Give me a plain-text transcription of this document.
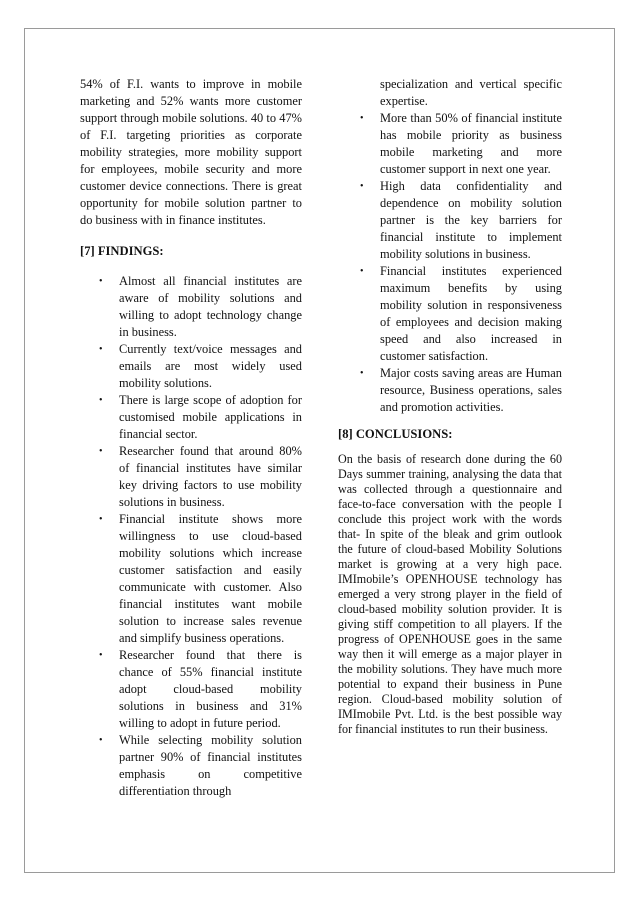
54% of F.I. wants to improve in mobile marketing and 52% wants more customer support through mobile solutions. 40 to 47% of F.I. targeting priorities as corporate mobility strategies, more mobility support for employees, mobile security and more customer device connections. There is great opportunity for mobile solution partner to do business with in finance institutes.

[7] FINDINGS:
• Almost all financial institutes are aware of mobility solutions and willing to adopt technology change in business.
• Currently text/voice messages and emails are most widely used mobility solutions.
• There is large scope of adoption for customised mobile applications in financial sector.
• Researcher found that around 80% of financial institutes have similar key driving factors to use mobility solutions in business.
• Financial institute shows more willingness to use cloud-based mobility solutions which increase customer satisfaction and easily communicate with customer. Also financial institutes want mobile solution to increase sales revenue and simplify business operations.
• Researcher found that there is chance of 55% financial institute adopt cloud-based mobility solutions in business and 31% willing to adopt in future period.
• While selecting mobility solution partner 90% of financial institutes emphasis on competitive differentiation through
specialization and vertical specific expertise.
• More than 50% of financial institute has mobile priority as business mobile marketing and more customer support in next one year.
• High data confidentiality and dependence on mobility solution partner is the key barriers for financial institute to implement mobility solutions in business.
• Financial institutes experienced maximum benefits by using mobility solution in responsiveness of employees and decision making speed and also increased in customer satisfaction.
• Major costs saving areas are Human resource, Business operations, sales and promotion activities.
[8] CONCLUSIONS:

On the basis of research done during the 60 Days summer training, analysing the data that was collected through a questionnaire and face-to-face conversation with the people I conclude this project work with the words that- In spite of the bleak and grim outlook the future of cloud-based Mobility Solutions market is growing at a very high pace. IMImobile’s OPENHOUSE technology has emerged a very strong player in the field of cloud-based mobility solution provider. It is giving stiff competition to all players. If the progress of OPENHOUSE goes in the same way then it will emerge as a major player in the mobility solutions. They have much more potential to expand their business in Pune region. Cloud-based mobility solution of IMImobile Pvt. Ltd. is the best possible way for financial institutes to run their business.
